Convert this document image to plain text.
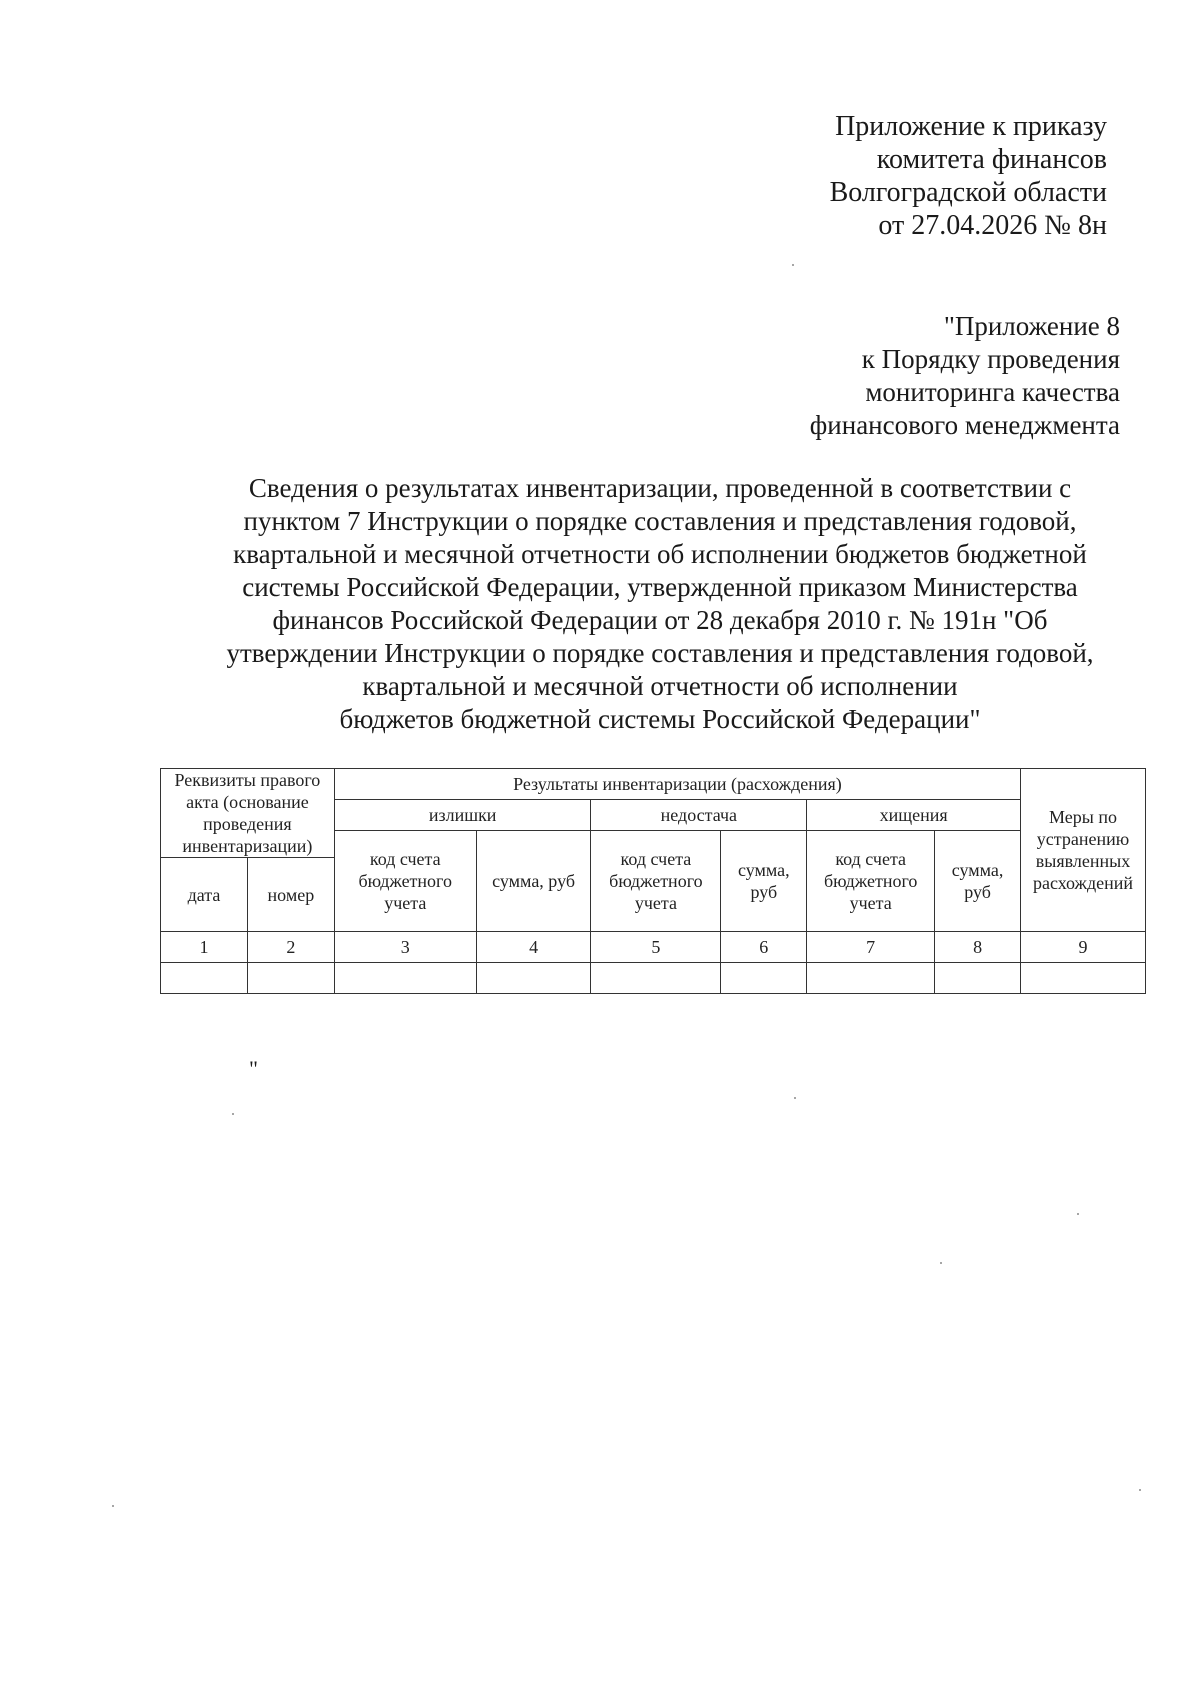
Приложение к приказу
комитета финансов
Волгоградской области
от 27.04.2026 № 8н
"Приложение 8
к Порядку проведения
мониторинга качества
финансового менеджмента
Сведения о результатах инвентаризации, проведенной в соответствии с
пунктом 7 Инструкции о порядке составления и представления годовой,
квартальной и месячной отчетности об исполнении бюджетов бюджетной
системы Российской Федерации, утвержденной приказом Министерства
финансов Российской Федерации от 28 декабря 2010 г. № 191н "Об
утверждении Инструкции о порядке составления и представления годовой,
квартальной и месячной отчетности об исполнении
бюджетов бюджетной системы Российской Федерации"
Реквизиты правого акта (основание проведения инвентаризации)		Результаты инвентаризации (расхождения)						Меры по устранению выявленных расхождений
		излишки		недостача		хищения		
		код счета бюджетного учета	сумма, руб	код счета бюджетного учета	сумма, руб	код счета бюджетного учета	сумма, руб	
дата	номер							
1	2	3	4	5	6	7	8	9

"
